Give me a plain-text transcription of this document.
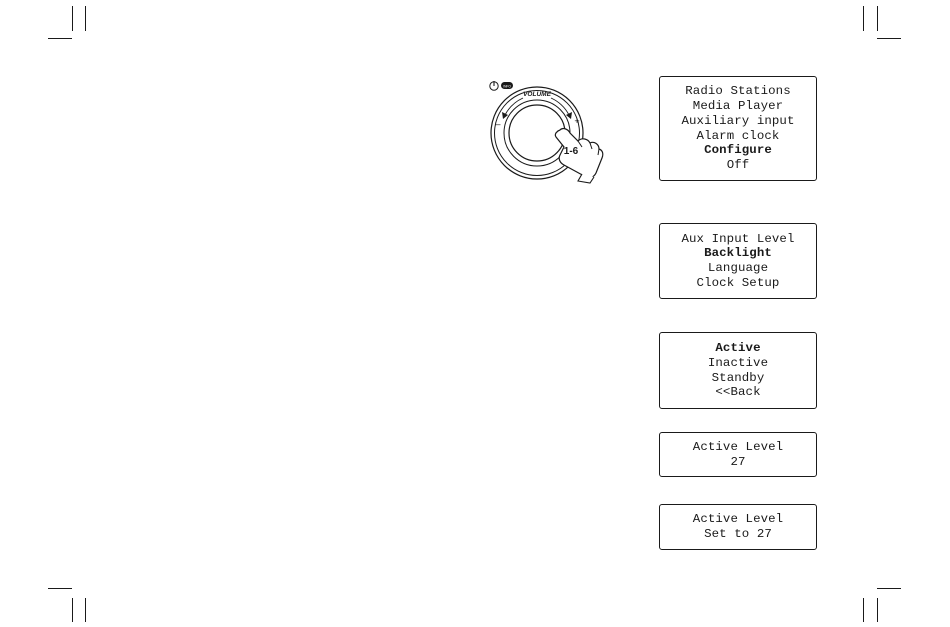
INFO
VOLUME
–	+
1-6
Radio Stations
Media Player
Auxiliary input
Alarm clock
Configure
Off
Aux Input Level
Backlight
Language
Clock Setup
Active
Inactive
Standby
<<Back
Active Level
27
Active Level
Set to 27
